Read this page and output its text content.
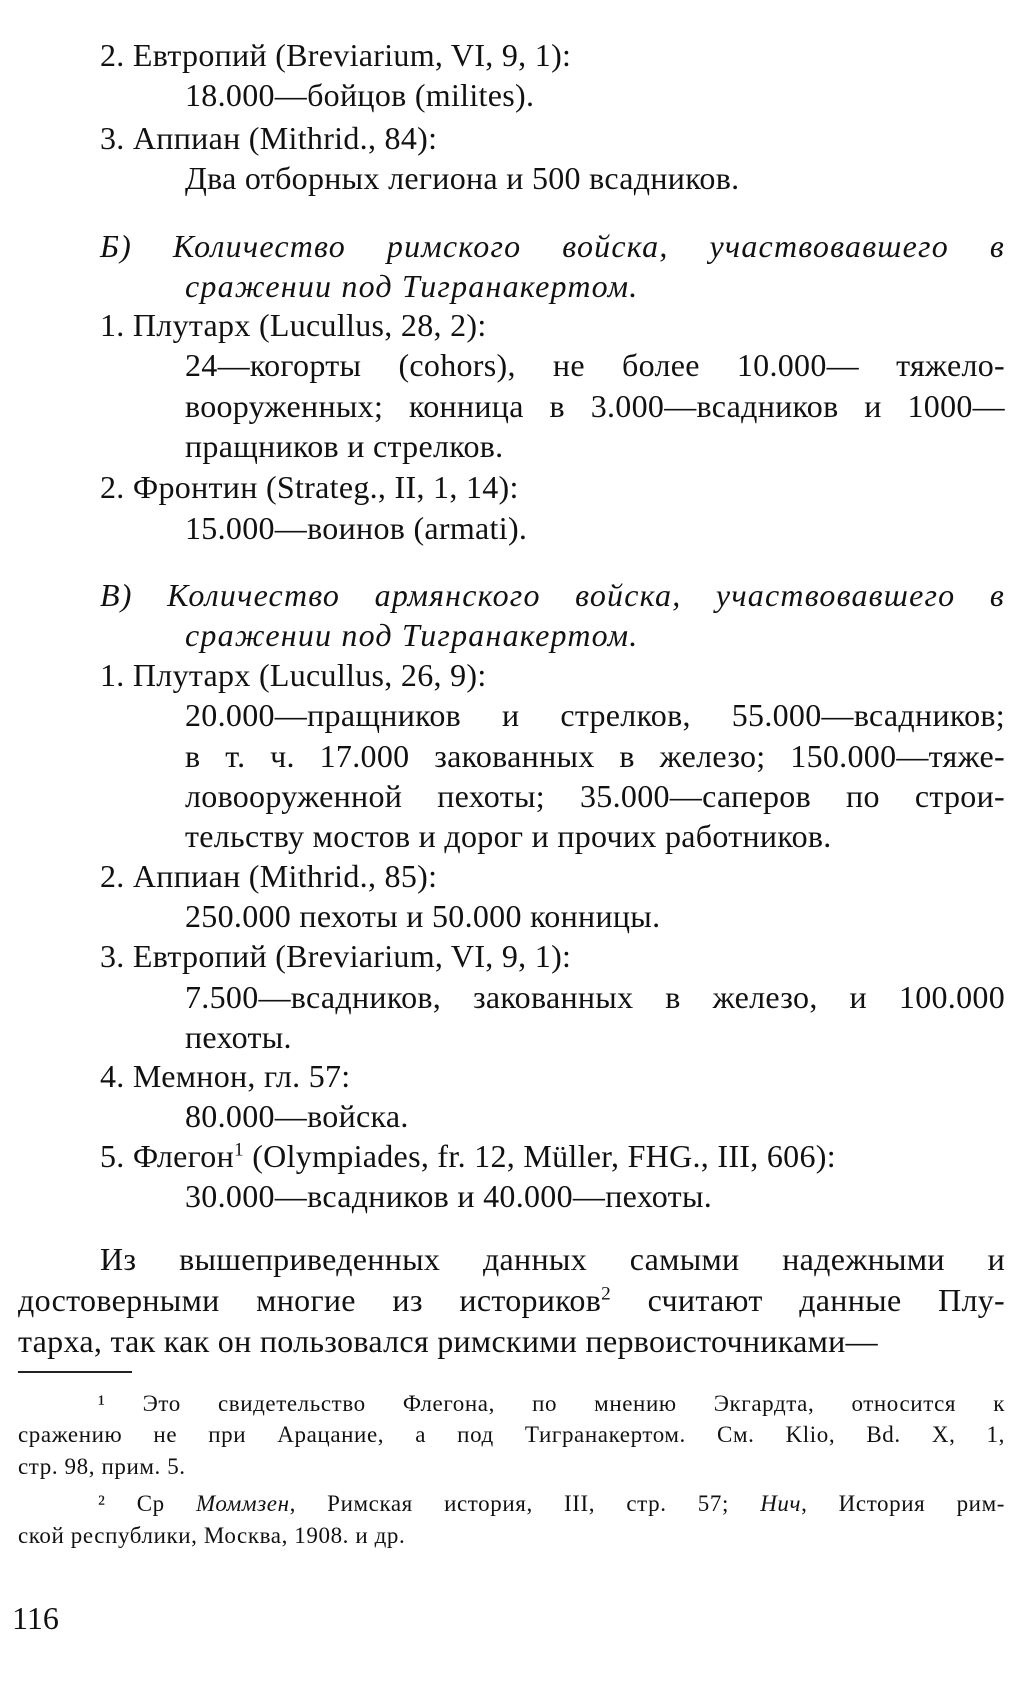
2. Евтропий (Breviarium, VI, 9, 1):
18.000—бойцов (milites).
3. Аппиан (Mithrid., 84):
Два отборных легиона и 500 всадников.
Б) Количество римского войска, участвовавшего в
сражении под Тигранакертом.
1. Плутарх (Lucullus, 28, 2):
24—когорты (cohors), не более 10.000— тяжело-
вооруженных; конница в 3.000—всадников и 1000—
пращников и стрелков.
2. Фронтин (Strateg., II, 1, 14):
15.000—воинов (armati).
В) Количество армянского войска, участвовавшего в
сражении под Тигранакертом.
1. Плутарх (Lucullus, 26, 9):
20.000—пращников и стрелков, 55.000—всадников;
в т. ч. 17.000 закованных в железо; 150.000—тяже-
ловооруженной пехоты; 35.000—саперов по строи-
тельству мостов и дорог и прочих работников.
2. Аппиан (Mithrid., 85):
250.000 пехоты и 50.000 конницы.
3. Евтропий (Breviarium, VI, 9, 1):
7.500—всадников, закованных в железо, и 100.000
пехоты.
4. Мемнон, гл. 57:
80.000—войска.
5. Флегон$^1$ (Olympiades, fr. 12, Müller, FHG., III, 606):
30.000—всадников и 40.000—пехоты.
Из вышеприведенных данных самыми надежными и
достоверными многие из историков$^2$ считают данные Плу-
тарха, так как он пользовался римскими первоисточниками—
¹ Это свидетельство Флегона, по мнению Экгардта, относится к
сражению не при Арацание, а под Тигранакертом. См. Klio, Bd. X, 1,
стр. 98, прим. 5.
² Ср Моммзен, Римская история, III, стр. 57; Нич, История рим-
ской республики, Москва, 1908. и др.
116
